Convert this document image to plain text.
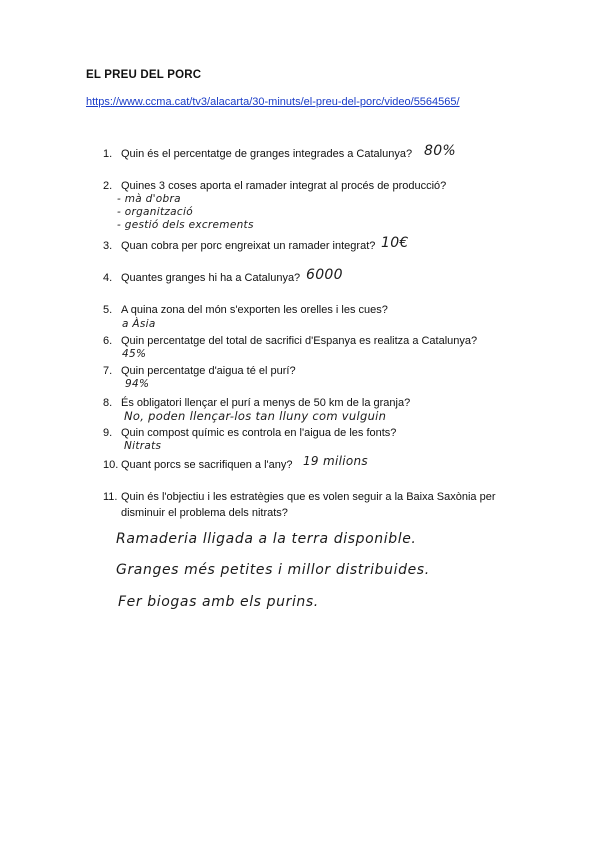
EL PREU DEL PORC
https://www.ccma.cat/tv3/alacarta/30-minuts/el-preu-del-porc/video/5564565/
1. Quin és el percentatge de granges integrades a Catalunya? 80%
2. Quines 3 coses aporta el ramader integrat al procés de producció?
- mà d'obra
- organització
- gestió dels excrements
3. Quan cobra per porc engreixat un ramader integrat? 10€
4. Quantes granges hi ha a Catalunya? 6000
5. A quina zona del món s'exporten les orelles i les cues?
a Àsia
6. Quin percentatge del total de sacrifici d'Espanya es realitza a Catalunya?
45%
7. Quin percentatge d'aigua té el purí?
94%
8. És obligatori llençar el purí a menys de 50 km de la granja?
No, poden llençar-los tan lluny com vulguin
9. Quin compost químic es controla en l'aigua de les fonts?
Nitrats
10. Quant porcs se sacrifiquen a l'any? 19 milions
11. Quin és l'objectiu i les estratègies que es volen seguir a la Baixa Saxònia per disminuir el problema dels nitrats?
Ramaderia lligada a la terra disponible.
Granges més petites i millor distribuides.
Fer biogas amb els purins.
